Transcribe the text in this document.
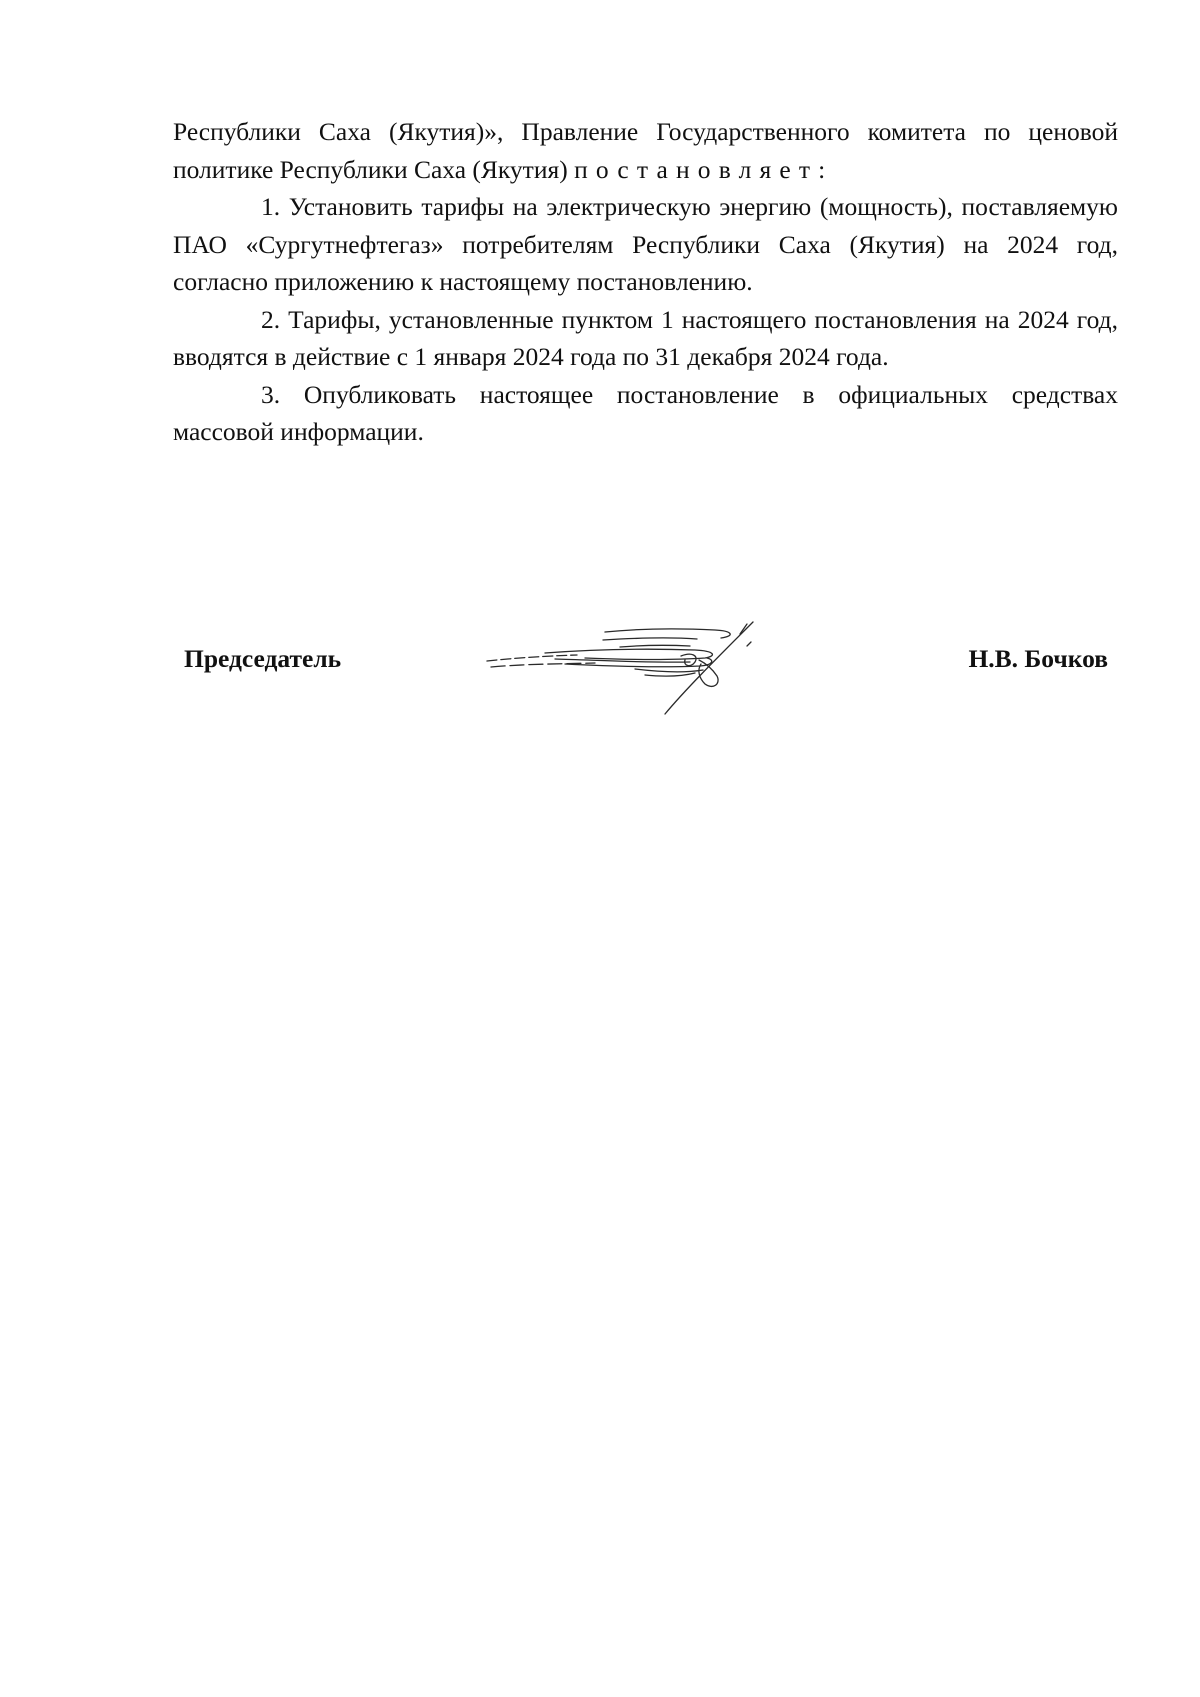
Республики Саха (Якутия)», Правление Государственного комитета по ценовой политике Республики Саха (Якутия) постановляет:

1. Установить тарифы на электрическую энергию (мощность), поставляемую ПАО «Сургутнефтегаз» потребителям Республики Саха (Якутия) на 2024 год, согласно приложению к настоящему постановлению.

2. Тарифы, установленные пунктом 1 настоящего постановления на 2024 год, вводятся в действие с 1 января 2024 года по 31 декабря 2024 года.

3. Опубликовать настоящее постановление в официальных средствах массовой информации.

Председатель	Н.В. Бочков
